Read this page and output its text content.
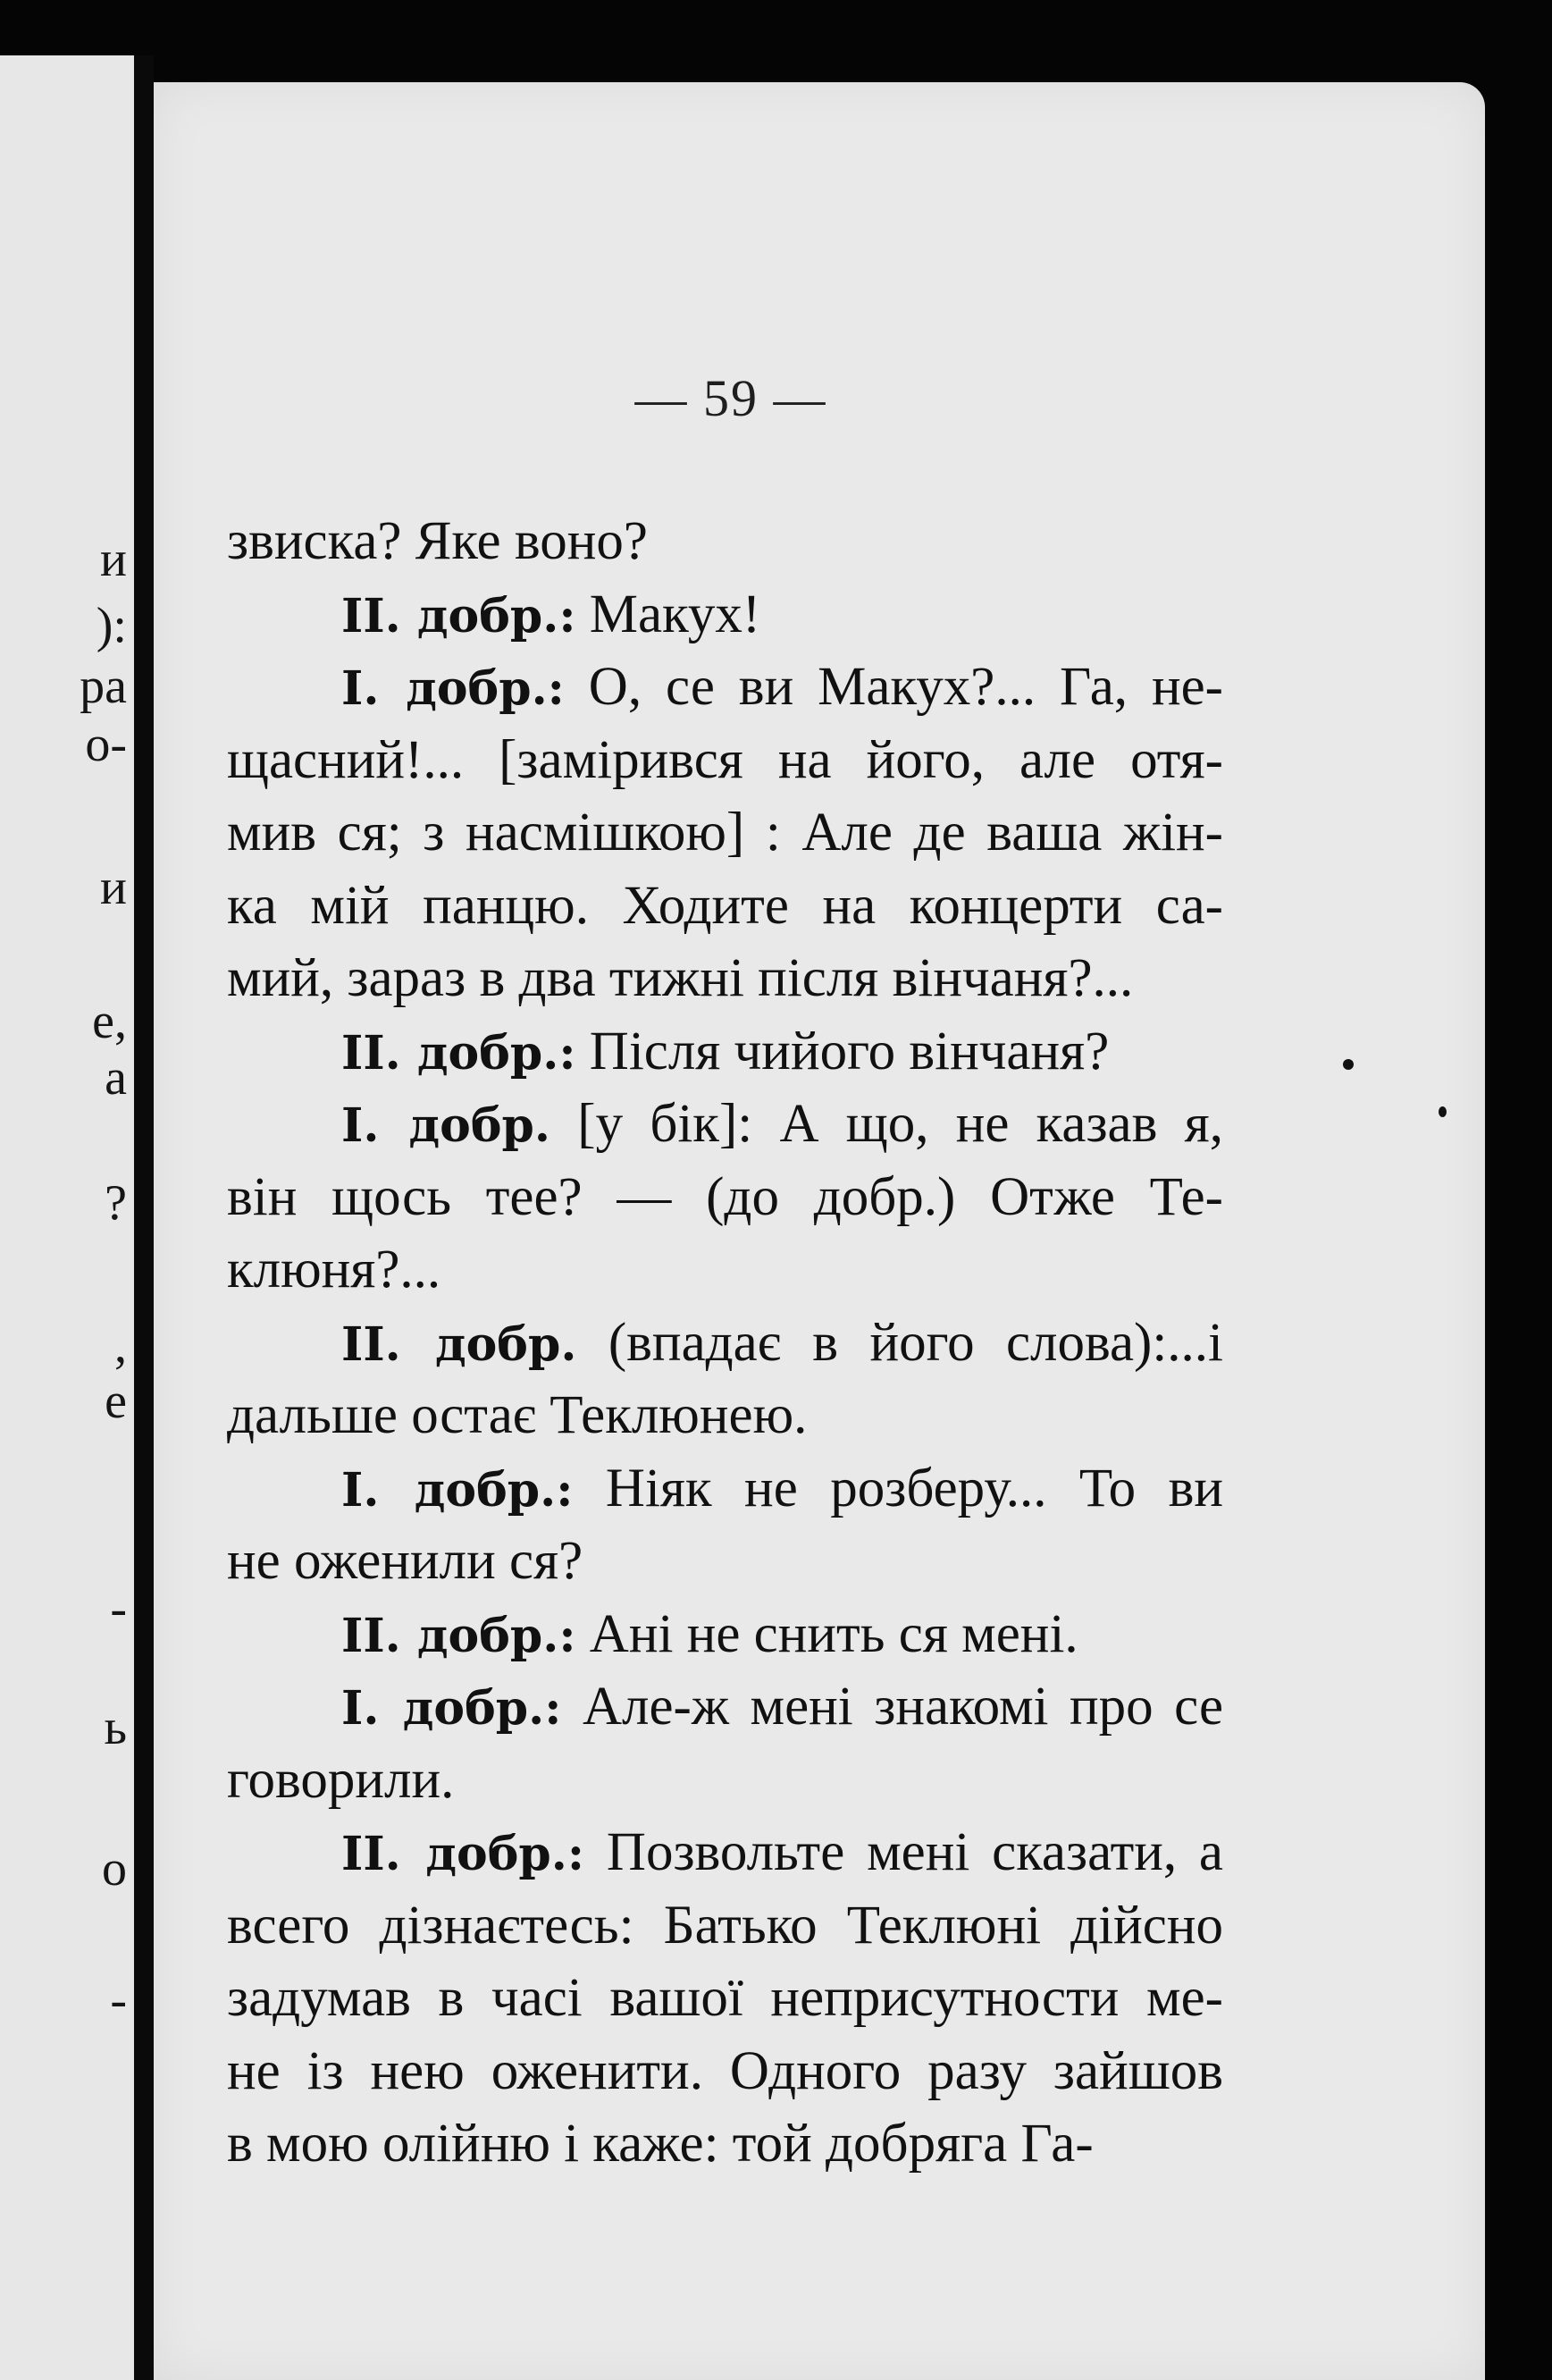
и
):
ра
о-
и
е,
а
?
,
е
-
ь
о
-
— 59 —
звиска? Яке воно?
II. добр.: Макух!
I. добр.: О, се ви Макух?... Га, не-
щасний!... [замірився на його, але отя-
мив ся; з насмішкою] : Але де ваша жін-
ка мій панцю. Ходите на концерти са-
мий, зараз в два тижні після вінчаня?...
II. добр.: Після чийого вінчаня?
I. добр. [у бік]: А що, не казав я,
він щось тее? — (до добр.) Отже Те-
клюня?...
II. добр. (впадає в його слова):...і
дальше остає Теклюнею.
I. добр.: Ніяк не розберу... То ви
не оженили ся?
II. добр.: Ані не снить ся мені.
I. добр.: Але-ж мені знакомі про се
говорили.
II. добр.: Позвольте мені сказати, а
всего дізнаєтесь: Батько Теклюні дійсно
задумав в часі вашої неприсутности ме-
не із нею оженити. Одного разу зайшов
в мою олійню і каже: той добряга Га-
